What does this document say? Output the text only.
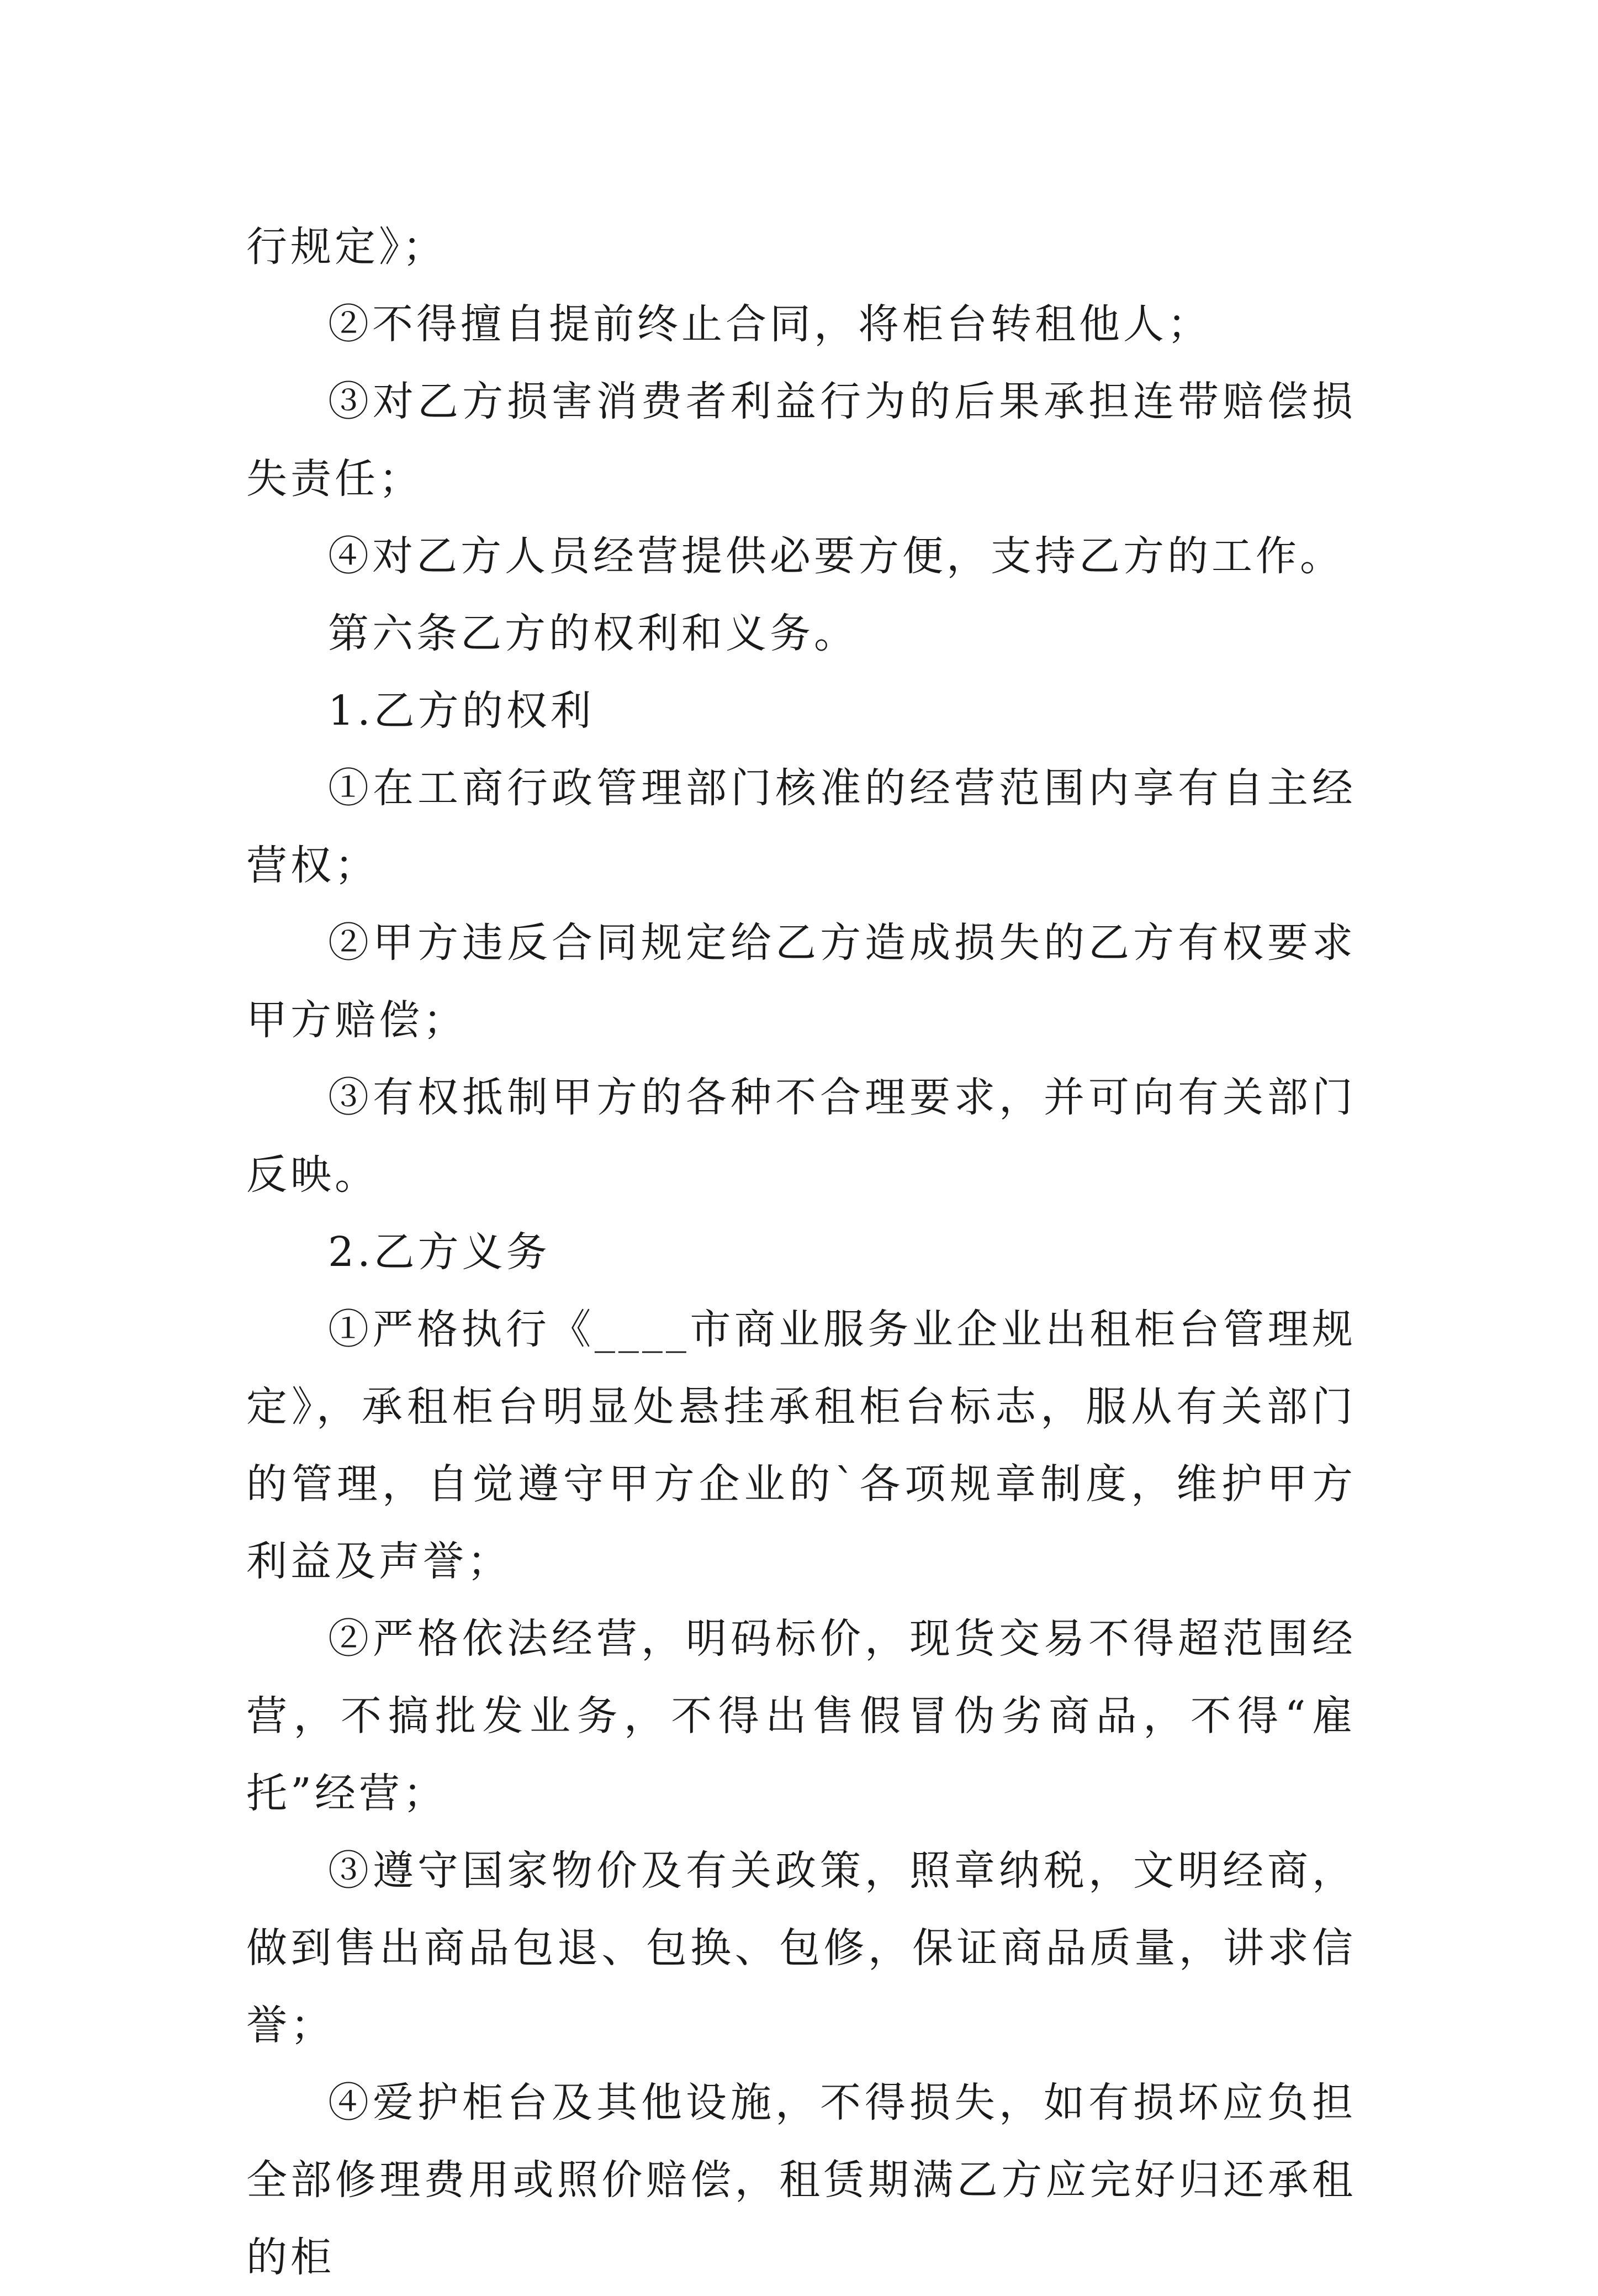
行规定》；

②不得擅自提前终止合同，将柜台转租他人；

③对乙方损害消费者利益行为的后果承担连带赔偿损失责任；

④对乙方人员经营提供必要方便，支持乙方的工作。

第六条乙方的权利和义务。

1.乙方的权利

①在工商行政管理部门核准的经营范围内享有自主经营权；

②甲方违反合同规定给乙方造成损失的乙方有权要求甲方赔偿；

③有权抵制甲方的各种不合理要求，并可向有关部门反映。

2.乙方义务

①严格执行《____市商业服务业企业出租柜台管理规定》，承租柜台明显处悬挂承租柜台标志，服从有关部门的管理，自觉遵守甲方企业的`各项规章制度，维护甲方利益及声誉；

②严格依法经营，明码标价，现货交易不得超范围经营，不搞批发业务，不得出售假冒伪劣商品，不得“雇托”经营；

③遵守国家物价及有关政策，照章纳税，文明经商，做到售出商品包退、包换、包修，保证商品质量，讲求信誉；

④爱护柜台及其他设施，不得损失，如有损坏应负担全部修理费用或照价赔偿，租赁期满乙方应完好归还承租的柜
